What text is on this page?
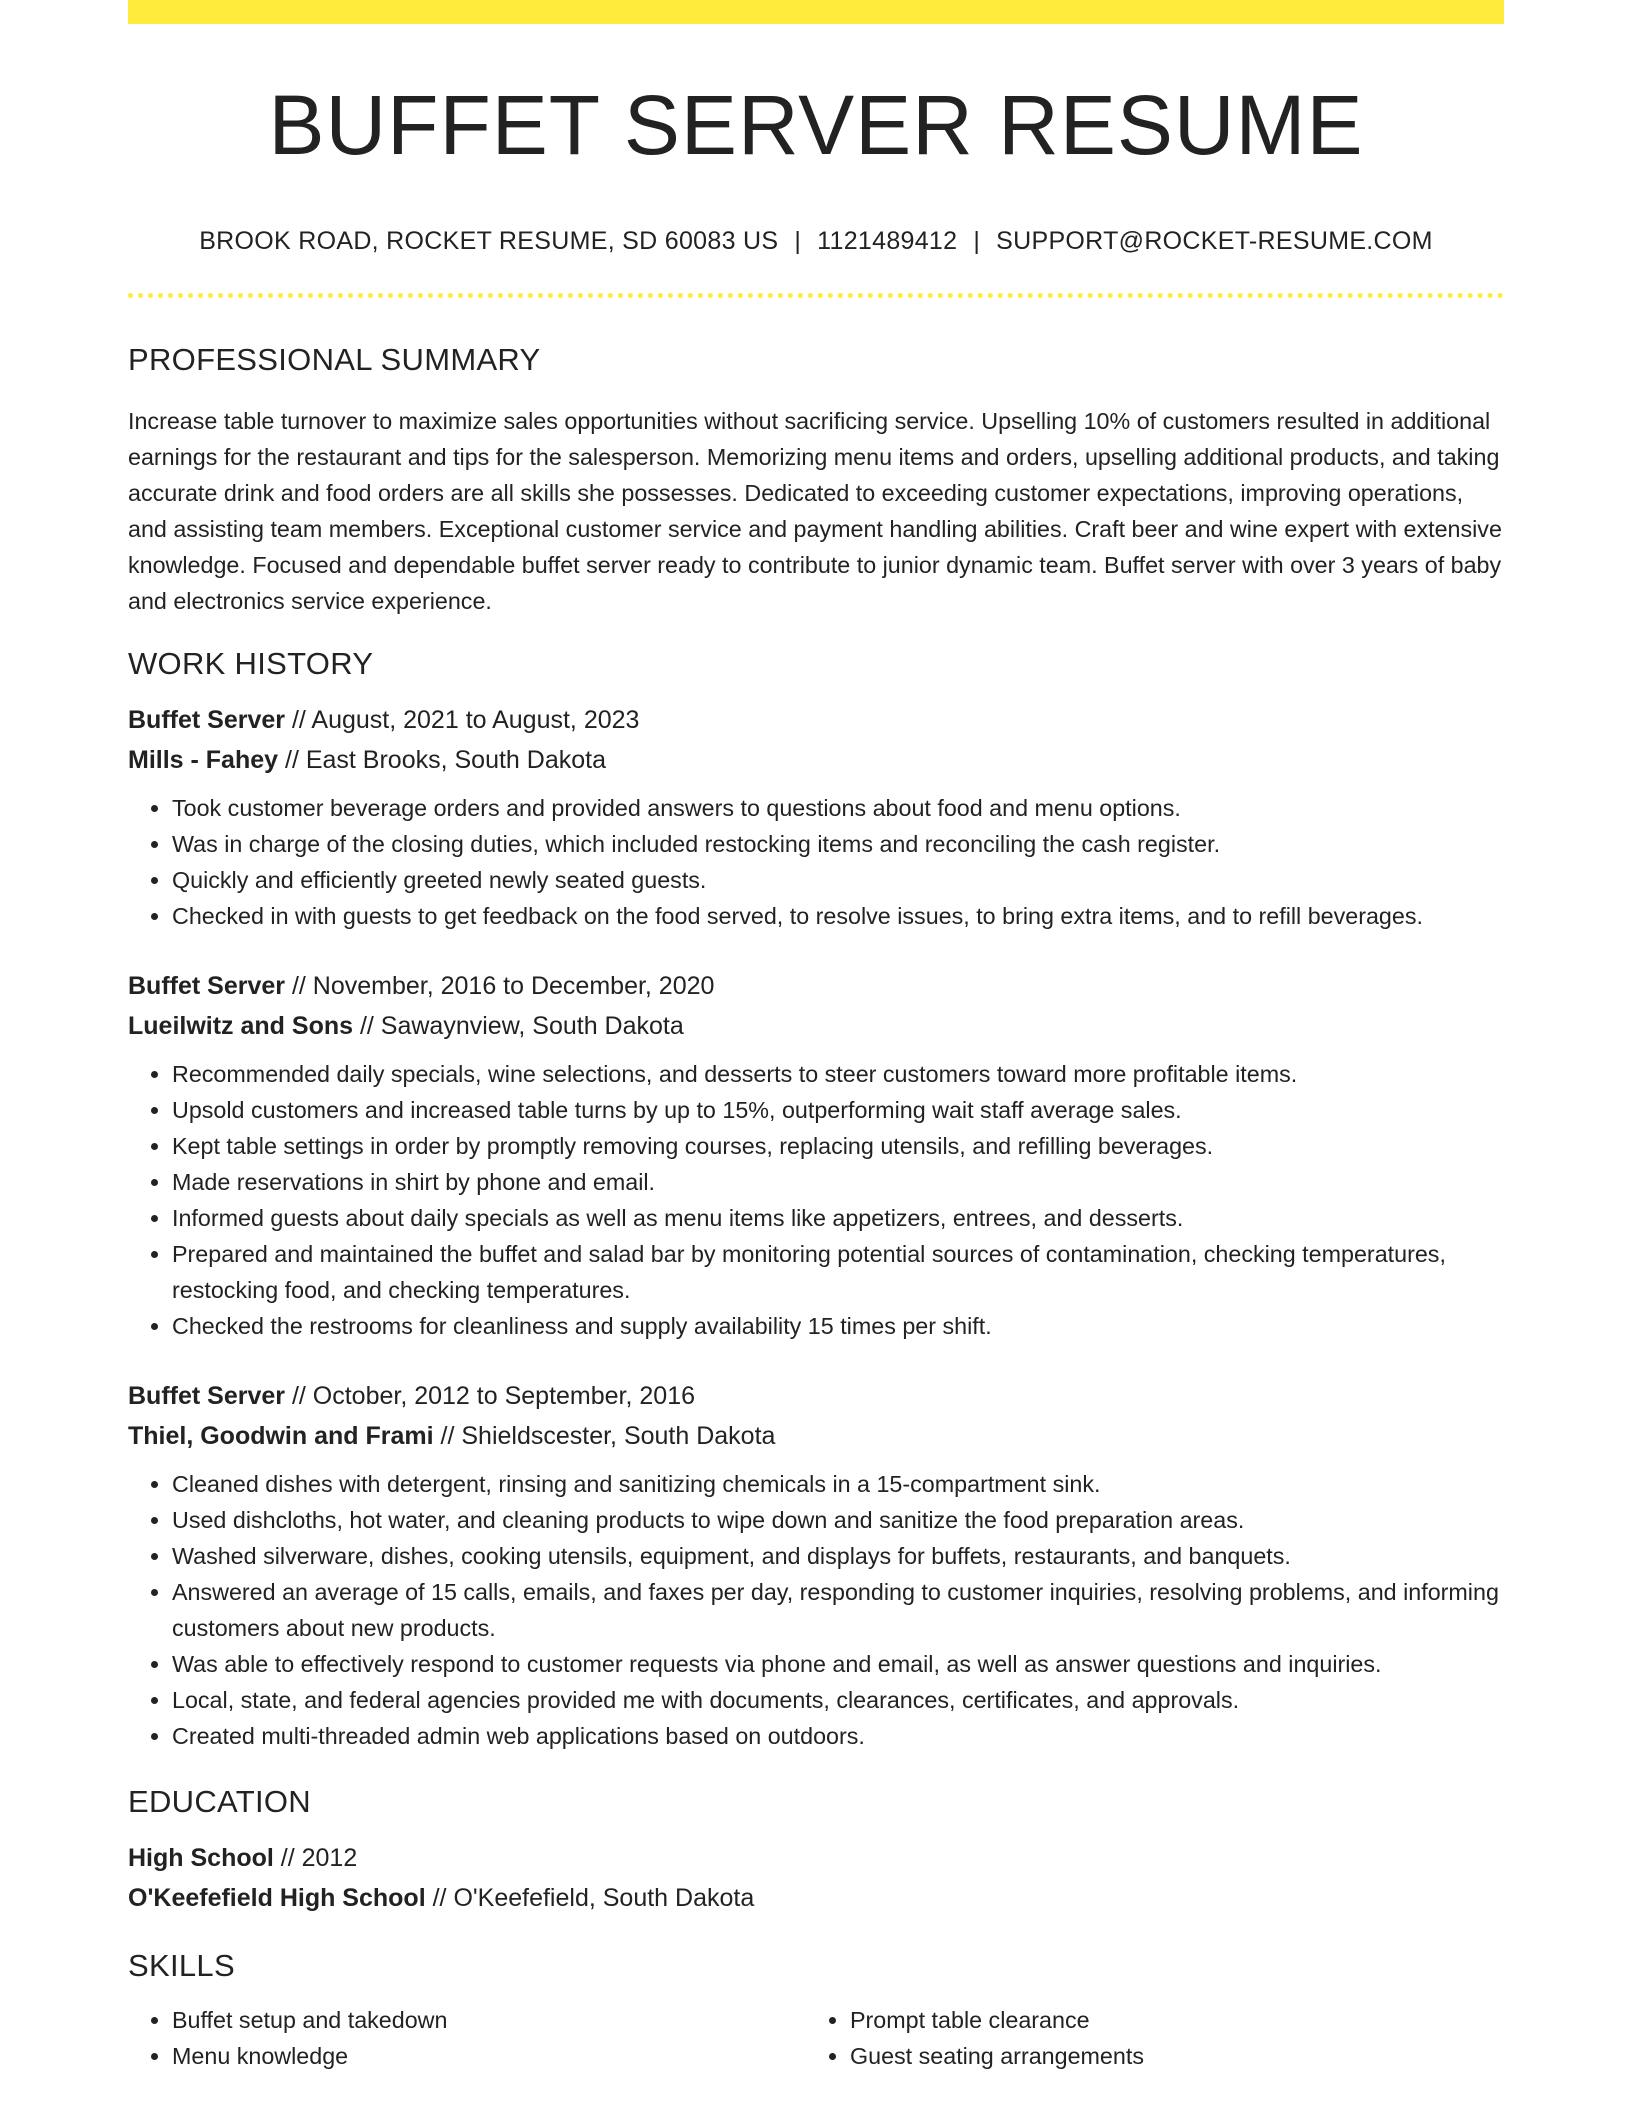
BUFFET SERVER RESUME
BROOK ROAD, ROCKET RESUME, SD 60083 US | 1121489412 | SUPPORT@ROCKET-RESUME.COM
PROFESSIONAL SUMMARY

Increase table turnover to maximize sales opportunities without sacrificing service. Upselling 10% of customers resulted in additional earnings for the restaurant and tips for the salesperson. Memorizing menu items and orders, upselling additional products, and taking accurate drink and food orders are all skills she possesses. Dedicated to exceeding customer expectations, improving operations, and assisting team members. Exceptional customer service and payment handling abilities. Craft beer and wine expert with extensive knowledge. Focused and dependable buffet server ready to contribute to junior dynamic team. Buffet server with over 3 years of baby and electronics service experience.

WORK HISTORY
Buffet Server // August, 2021 to August, 2023
Mills - Fahey // East Brooks, South Dakota
• Took customer beverage orders and provided answers to questions about food and menu options.
• Was in charge of the closing duties, which included restocking items and reconciling the cash register.
• Quickly and efficiently greeted newly seated guests.
• Checked in with guests to get feedback on the food served, to resolve issues, to bring extra items, and to refill beverages.
Buffet Server // November, 2016 to December, 2020
Lueilwitz and Sons // Sawaynview, South Dakota
• Recommended daily specials, wine selections, and desserts to steer customers toward more profitable items.
• Upsold customers and increased table turns by up to 15%, outperforming wait staff average sales.
• Kept table settings in order by promptly removing courses, replacing utensils, and refilling beverages.
• Made reservations in shirt by phone and email.
• Informed guests about daily specials as well as menu items like appetizers, entrees, and desserts.
• Prepared and maintained the buffet and salad bar by monitoring potential sources of contamination, checking temperatures, restocking food, and checking temperatures.
• Checked the restrooms for cleanliness and supply availability 15 times per shift.
Buffet Server // October, 2012 to September, 2016
Thiel, Goodwin and Frami // Shieldscester, South Dakota
• Cleaned dishes with detergent, rinsing and sanitizing chemicals in a 15-compartment sink.
• Used dishcloths, hot water, and cleaning products to wipe down and sanitize the food preparation areas.
• Washed silverware, dishes, cooking utensils, equipment, and displays for buffets, restaurants, and banquets.
• Answered an average of 15 calls, emails, and faxes per day, responding to customer inquiries, resolving problems, and informing customers about new products.
• Was able to effectively respond to customer requests via phone and email, as well as answer questions and inquiries.
• Local, state, and federal agencies provided me with documents, clearances, certificates, and approvals.
• Created multi-threaded admin web applications based on outdoors.
EDUCATION
High School // 2012
O'Keefefield High School // O'Keefefield, South Dakota
SKILLS
• Buffet setup and takedown
• Menu knowledge
• Prompt table clearance
• Guest seating arrangements
